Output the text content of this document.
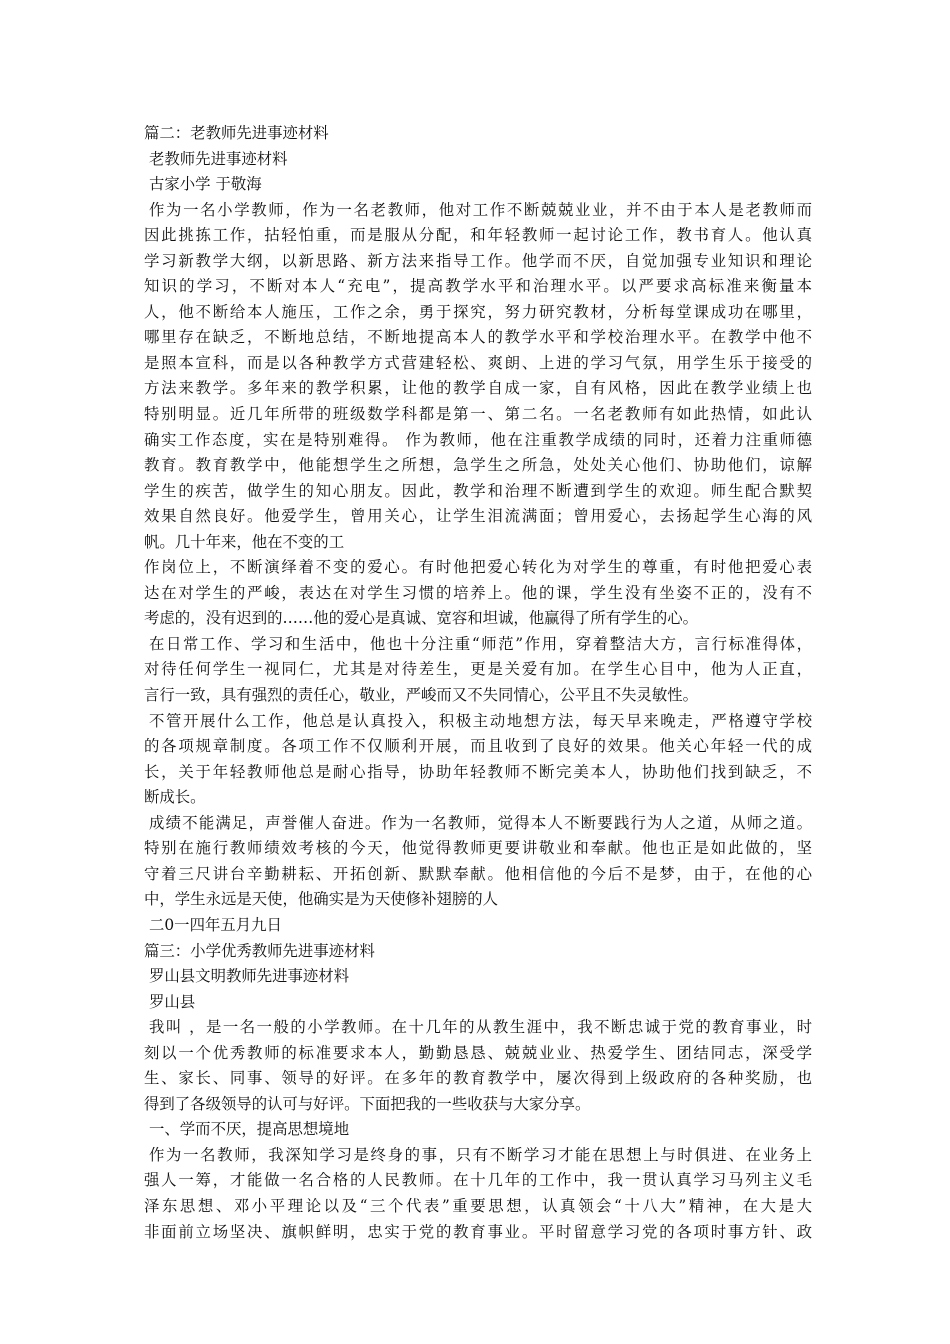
篇二：老教师先进事迹材料
老教师先进事迹材料
古家小学 于敬海
作为一名小学教师，作为一名老教师，他对工作不断兢兢业业，并不由于本人是老教师而
因此挑拣工作，拈轻怕重，而是服从分配，和年轻教师一起讨论工作，教书育人。他认真
学习新教学大纲，以新思路、新方法来指导工作。他学而不厌，自觉加强专业知识和理论
知识的学习，不断对本人“充电”，提高教学水平和治理水平。以严要求高标准来衡量本
人，他不断给本人施压，工作之余，勇于探究，努力研究教材，分析每堂课成功在哪里，
哪里存在缺乏，不断地总结，不断地提高本人的教学水平和学校治理水平。在教学中他不
是照本宣科，而是以各种教学方式营建轻松、爽朗、上进的学习气氛，用学生乐于接受的
方法来教学。多年来的教学积累，让他的教学自成一家，自有风格，因此在教学业绩上也
特别明显。近几年所带的班级数学科都是第一、第二名。一名老教师有如此热情，如此认
确实工作态度，实在是特别难得。 作为教师，他在注重教学成绩的同时，还着力注重师德
教育。教育教学中，他能想学生之所想，急学生之所急，处处关心他们、协助他们，谅解
学生的疾苦，做学生的知心朋友。因此，教学和治理不断遭到学生的欢迎。师生配合默契
效果自然良好。他爱学生，曾用关心，让学生泪流满面；曾用爱心，去扬起学生心海的风
帆。几十年来，他在不变的工
作岗位上，不断演绎着不变的爱心。有时他把爱心转化为对学生的尊重，有时他把爱心表
达在对学生的严峻，表达在对学生习惯的培养上。他的课，学生没有坐姿不正的，没有不
考虑的，没有迟到的……他的爱心是真诚、宽容和坦诚，他赢得了所有学生的心。
在日常工作、学习和生活中，他也十分注重“师范”作用，穿着整洁大方，言行标准得体，
对待任何学生一视同仁，尤其是对待差生，更是关爱有加。在学生心目中，他为人正直，
言行一致，具有强烈的责任心，敬业，严峻而又不失同情心，公平且不失灵敏性。
不管开展什么工作，他总是认真投入，积极主动地想方法，每天早来晚走，严格遵守学校
的各项规章制度。各项工作不仅顺利开展，而且收到了良好的效果。他关心年轻一代的成
长，关于年轻教师他总是耐心指导，协助年轻教师不断完美本人，协助他们找到缺乏，不
断成长。
成绩不能满足，声誉催人奋进。作为一名教师，觉得本人不断要践行为人之道，从师之道。
特别在施行教师绩效考核的今天，他觉得教师更要讲敬业和奉献。他也正是如此做的，坚
守着三尺讲台辛勤耕耘、开拓创新、默默奉献。他相信他的今后不是梦，由于，在他的心
中，学生永远是天使，他确实是为天使修补翅膀的人
二0一四年五月九日
篇三：小学优秀教师先进事迹材料
罗山县文明教师先进事迹材料
罗山县
我叫 ，是一名一般的小学教师。在十几年的从教生涯中，我不断忠诚于党的教育事业，时
刻以一个优秀教师的标准要求本人，勤勤恳恳、兢兢业业、热爱学生、团结同志，深受学
生、家长、同事、领导的好评。在多年的教育教学中，屡次得到上级政府的各种奖励，也
得到了各级领导的认可与好评。下面把我的一些收获与大家分享。
一、学而不厌，提高思想境地
作为一名教师，我深知学习是终身的事，只有不断学习才能在思想上与时俱进、在业务上
强人一筹，才能做一名合格的人民教师。在十几年的工作中，我一贯认真学习马列主义毛
泽东思想、邓小平理论以及“三个代表”重要思想，认真领会“十八大”精神，在大是大
非面前立场坚决、旗帜鲜明，忠实于党的教育事业。平时留意学习党的各项时事方针、政
